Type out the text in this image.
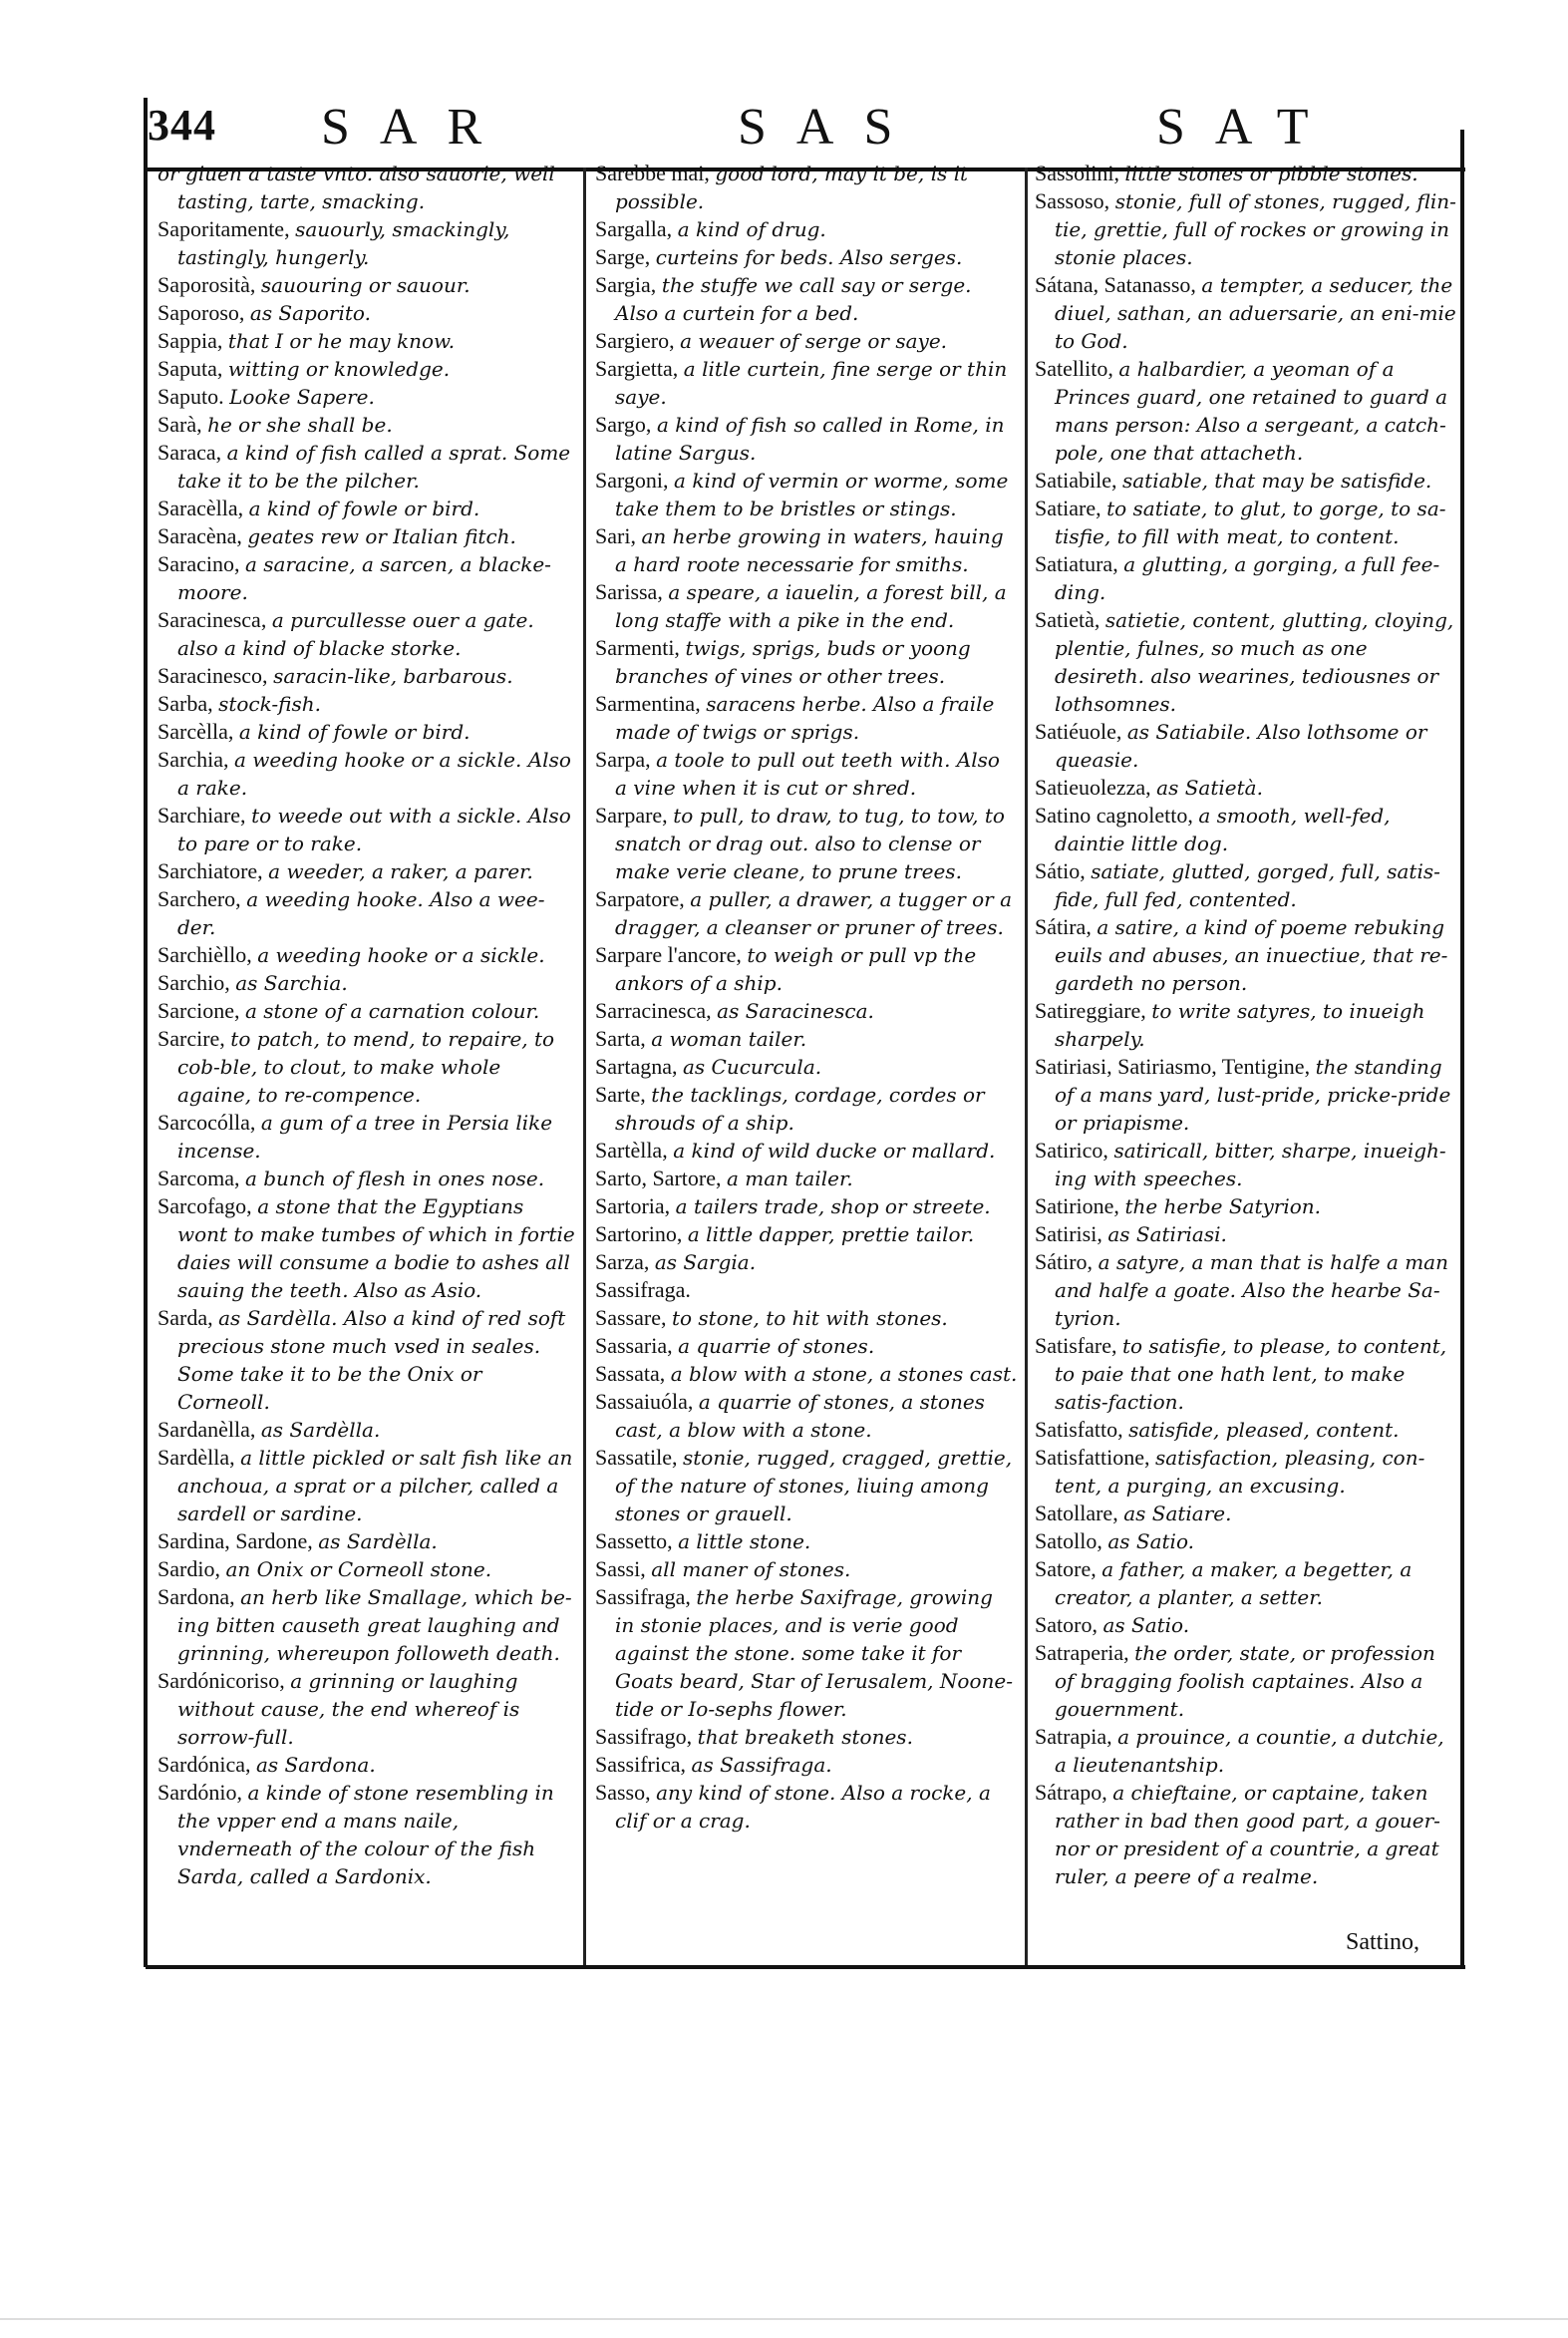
344 SAR	SAS	SAT

or giuen a taste vnto. also sauorie, well tasting, tarte, smacking.

Saporitamente, sauourly, smackingly, tastingly, hungerly.

Saporosità, sauouring or sauour.

Saporoso, as Saporito.

Sappia, that I or he may know.

Saputa, witting or knowledge.

Saputo. Looke Sapere.

Sarà, he or she shall be.

Saraca, a kind of fish called a sprat. Some take it to be the pilcher.

Saracèlla, a kind of fowle or bird.

Saracèna, geates rew or Italian fitch.

Saracino, a saracine, a sarcen, a blacke-moore.

Saracinesca, a purcullesse ouer a gate. also a kind of blacke storke.

Saracinesco, saracin-like, barbarous.

Sarba, stock-fish.

Sarcèlla, a kind of fowle or bird.

Sarchia, a weeding hooke or a sickle. Also a rake.

Sarchiare, to weede out with a sickle. Also to pare or to rake.

Sarchiatore, a weeder, a raker, a parer.

Sarchero, a weeding hooke. Also a wee-der.

Sarchièllo, a weeding hooke or a sickle.

Sarchio, as Sarchia.

Sarcione, a stone of a carnation colour.

Sarcire, to patch, to mend, to repaire, to cob-ble, to clout, to make whole againe, to re-compence.

Sarcocólla, a gum of a tree in Persia like incense.

Sarcoma, a bunch of flesh in ones nose.

Sarcofago, a stone that the Egyptians wont to make tumbes of which in fortie daies will consume a bodie to ashes all sauing the teeth. Also as Asio.

Sarda, as Sardèlla. Also a kind of red soft precious stone much vsed in seales. Some take it to be the Onix or Corneoll.

Sardanèlla, as Sardèlla.

Sardèlla, a little pickled or salt fish like an anchoua, a sprat or a pilcher, called a sardell or sardine.

Sardina, Sardone, as Sardèlla.

Sardio, an Onix or Corneoll stone.

Sardona, an herb like Smallage, which be-ing bitten causeth great laughing and grinning, whereupon followeth death.

Sardónicoriso, a grinning or laughing without cause, the end whereof is sorrow-full.

Sardónica, as Sardona.

Sardónio, a kinde of stone resembling in the vpper end a mans naile, vnderneath of the colour of the fish Sarda, called a Sardonix.

Sarebbe mai, good lord, may it be, is it possible.

Sargalla, a kind of drug.

Sarge, curteins for beds. Also serges.

Sargia, the stuffe we call say or serge. Also a curtein for a bed.

Sargiero, a weauer of serge or saye.

Sargietta, a litle curtein, fine serge or thin saye.

Sargo, a kind of fish so called in Rome, in latine Sargus.

Sargoni, a kind of vermin or worme, some take them to be bristles or stings.

Sari, an herbe growing in waters, hauing a hard roote necessarie for smiths.

Sarissa, a speare, a iauelin, a forest bill, a long staffe with a pike in the end.

Sarmenti, twigs, sprigs, buds or yoong branches of vines or other trees.

Sarmentina, saracens herbe. Also a fraile made of twigs or sprigs.

Sarpa, a toole to pull out teeth with. Also a vine when it is cut or shred.

Sarpare, to pull, to draw, to tug, to tow, to snatch or drag out. also to clense or make verie cleane, to prune trees.

Sarpatore, a puller, a drawer, a tugger or a dragger, a cleanser or pruner of trees.

Sarpare l'ancore, to weigh or pull vp the ankors of a ship.

Sarracinesca, as Saracinesca.

Sarta, a woman tailer.

Sartagna, as Cucurcula.

Sarte, the tacklings, cordage, cordes or shrouds of a ship.

Sartèlla, a kind of wild ducke or mallard.

Sarto, Sartore, a man tailer.

Sartoria, a tailers trade, shop or streete.

Sartorino, a little dapper, prettie tailor.

Sarza, as Sargia.

Sassifraga.

Sassare, to stone, to hit with stones.

Sassaria, a quarrie of stones.

Sassata, a blow with a stone, a stones cast.

Sassaiuóla, a quarrie of stones, a stones cast, a blow with a stone.

Sassatile, stonie, rugged, cragged, grettie, of the nature of stones, liuing among stones or grauell.

Sassetto, a little stone.

Sassi, all maner of stones.

Sassifraga, the herbe Saxifrage, growing in stonie places, and is verie good against the stone. some take it for Goats beard, Star of Ierusalem, Noone-tide or Io-sephs flower.

Sassifrago, that breaketh stones.

Sassifrica, as Sassifraga.

Sasso, any kind of stone. Also a rocke, a clif or a crag.

Sassolini, little stones or pibble stones.

Sassoso, stonie, full of stones, rugged, flin-tie, grettie, full of rockes or growing in stonie places.

Sátana, Satanasso, a tempter, a seducer, the diuel, sathan, an aduersarie, an eni-mie to God.

Satellito, a halbardier, a yeoman of a Princes guard, one retained to guard a mans person: Also a sergeant, a catch-pole, one that attacheth.

Satiabile, satiable, that may be satisfide.

Satiare, to satiate, to glut, to gorge, to sa-tisfie, to fill with meat, to content.

Satiatura, a glutting, a gorging, a full fee-ding.

Satietà, satietie, content, glutting, cloying, plentie, fulnes, so much as one desireth. also wearines, tediousnes or lothsomnes.

Satiéuole, as Satiabile. Also lothsome or queasie.

Satieuolezza, as Satietà.

Satino cagnoletto, a smooth, well-fed, daintie little dog.

Sátio, satiate, glutted, gorged, full, satis-fide, full fed, contented.

Sátira, a satire, a kind of poeme rebuking euils and abuses, an inuectiue, that re-gardeth no person.

Satireggiare, to write satyres, to inueigh sharpely.

Satiriasi, Satiriasmo, Tentigine, the standing of a mans yard, lust-pride, pricke-pride or priapisme.

Satirico, satiricall, bitter, sharpe, inueigh-ing with speeches.

Satirione, the herbe Satyrion.

Satirisi, as Satiriasi.

Sátiro, a satyre, a man that is halfe a man and halfe a goate. Also the hearbe Sa-tyrion.

Satisfare, to satisfie, to please, to content, to paie that one hath lent, to make satis-faction.

Satisfatto, satisfide, pleased, content.

Satisfattione, satisfaction, pleasing, con-tent, a purging, an excusing.

Satollare, as Satiare.

Satollo, as Satio.

Satore, a father, a maker, a begetter, a creator, a planter, a setter.

Satoro, as Satio.

Satraperia, the order, state, or profession of bragging foolish captaines. Also a gouernment.

Satrapia, a prouince, a countie, a dutchie, a lieutenantship.

Sátrapo, a chieftaine, or captaine, taken rather in bad then good part, a gouer-nor or president of a countrie, a great ruler, a peere of a realme.

Sattino,
